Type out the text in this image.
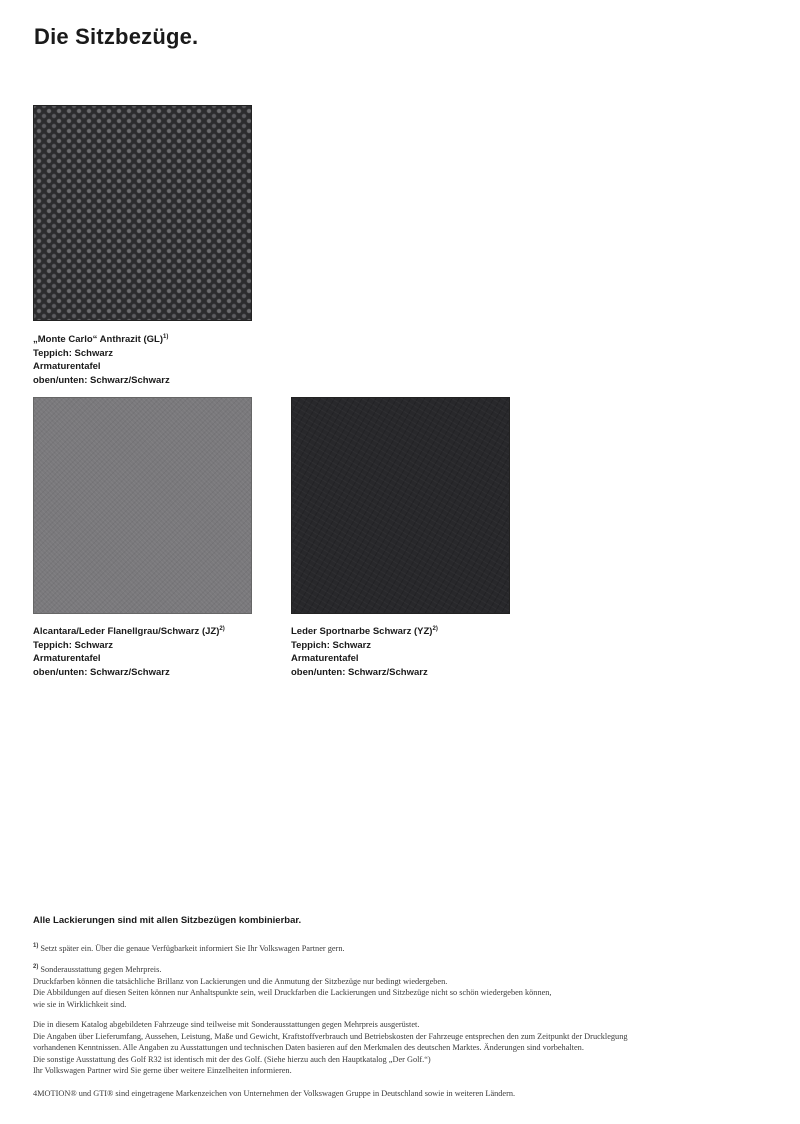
Die Sitzbezüge.
„Monte Carlo“ Anthrazit (GL)$^{1)}$
Teppich: Schwarz
Armaturentafel
oben/unten: Schwarz/Schwarz
Alcantara/Leder Flanellgrau/Schwarz (JZ)$^{2)}$
Teppich: Schwarz
Armaturentafel
oben/unten: Schwarz/Schwarz
Leder Sportnarbe Schwarz (YZ)$^{2)}$
Teppich: Schwarz
Armaturentafel
oben/unten: Schwarz/Schwarz
Alle Lackierungen sind mit allen Sitzbezügen kombinierbar.
$^{1)}$ Setzt später ein. Über die genaue Verfügbarkeit informiert Sie Ihr Volkswagen Partner gern.
$^{2)}$ Sonderausstattung gegen Mehrpreis.
Druckfarben können die tatsächliche Brillanz von Lackierungen und die Anmutung der Sitzbezüge nur bedingt wiedergeben.
Die Abbildungen auf diesen Seiten können nur Anhaltspunkte sein, weil Druckfarben die Lackierungen und Sitzbezüge nicht so schön wiedergeben können,
wie sie in Wirklichkeit sind.
Die in diesem Katalog abgebildeten Fahrzeuge sind teilweise mit Sonderausstattungen gegen Mehrpreis ausgerüstet.
Die Angaben über Lieferumfang, Aussehen, Leistung, Maße und Gewicht, Kraftstoffverbrauch und Betriebskosten der Fahrzeuge entsprechen den zum Zeitpunkt der Drucklegung
vorhandenen Kenntnissen. Alle Angaben zu Ausstattungen und technischen Daten basieren auf den Merkmalen des deutschen Marktes. Änderungen sind vorbehalten.
Die sonstige Ausstattung des Golf R32 ist identisch mit der des Golf. (Siehe hierzu auch den Hauptkatalog „Der Golf.“)
Ihr Volkswagen Partner wird Sie gerne über weitere Einzelheiten informieren.
4MOTION® und GTI® sind eingetragene Markenzeichen von Unternehmen der Volkswagen Gruppe in Deutschland sowie in weiteren Ländern.
